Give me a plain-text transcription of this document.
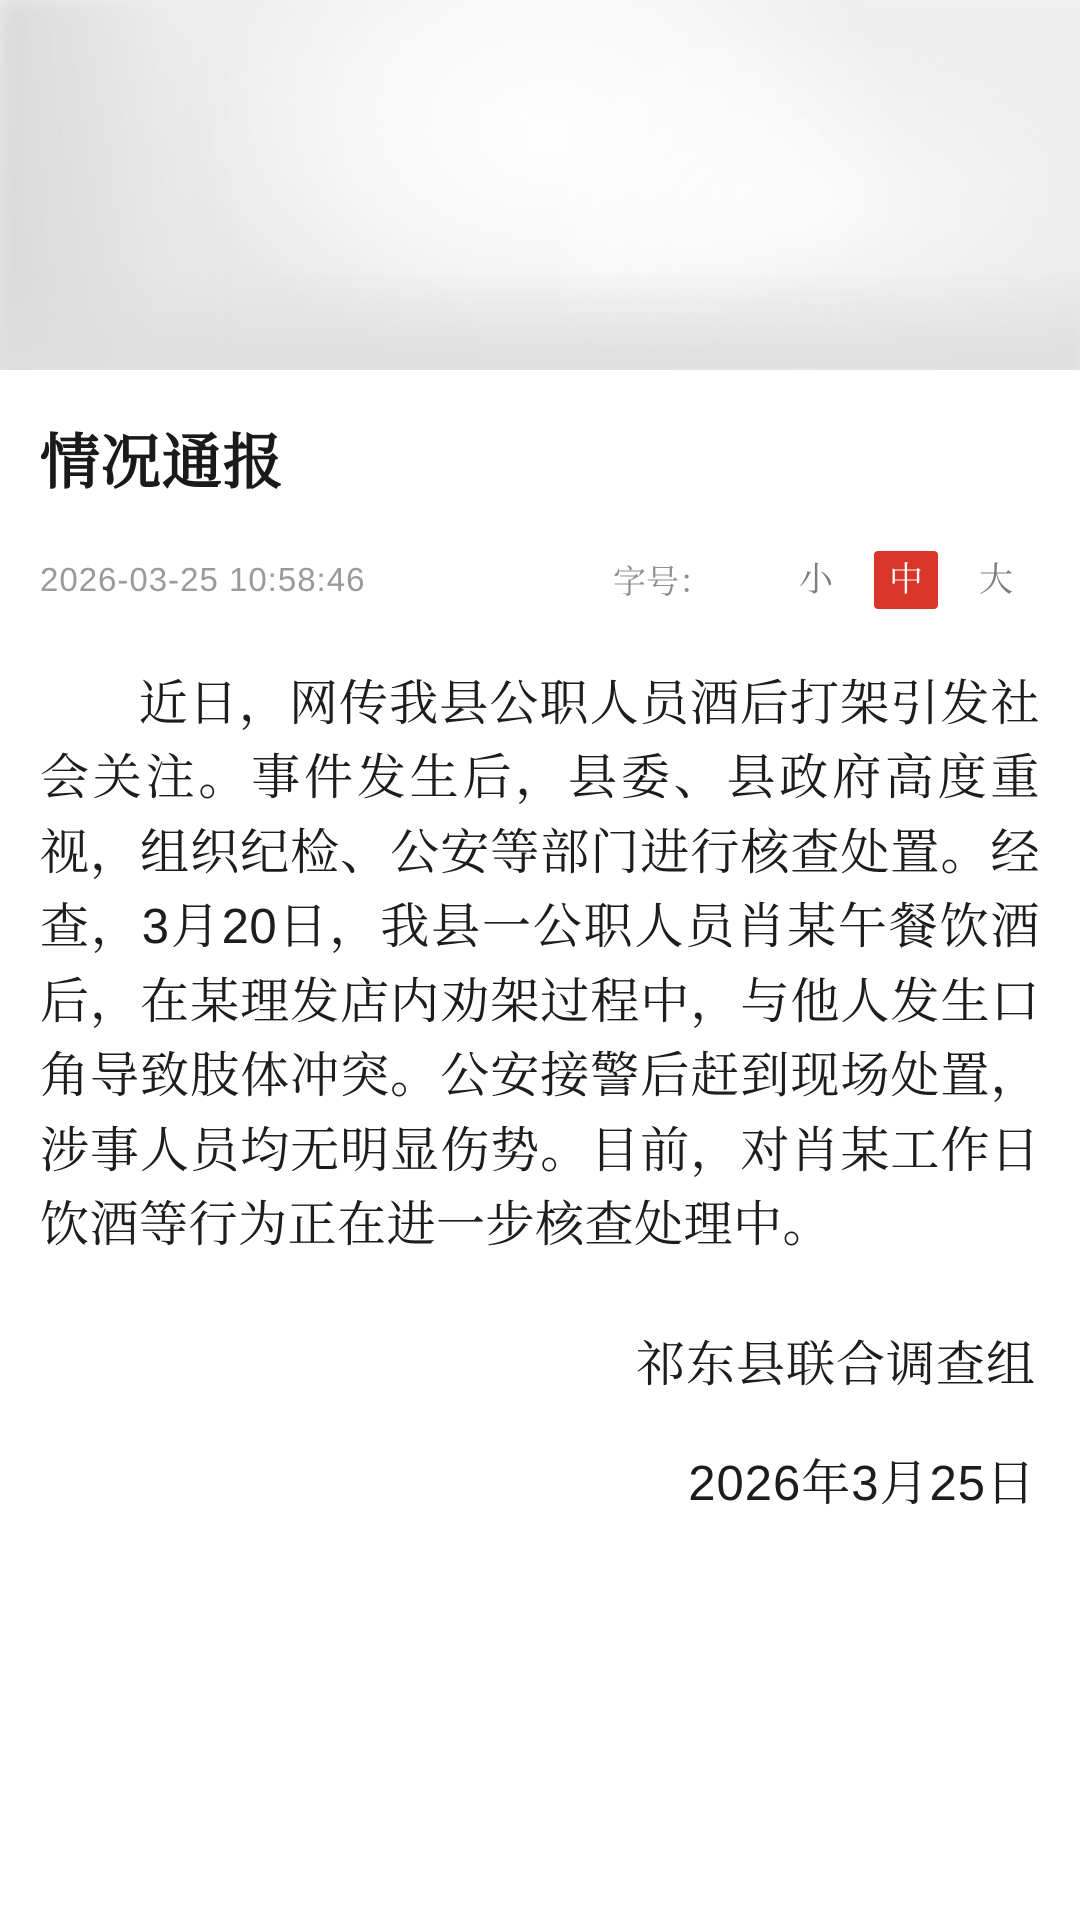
情况通报
2026-03-25 10:58:46	字号：	小	中	大

近日，网传我县公职人员酒后打架引发社会关注。事件发生后，县委、县政府高度重视，组织纪检、公安等部门进行核查处置。经查，3月20日，我县一公职人员肖某午餐饮酒后，在某理发店内劝架过程中，与他人发生口角导致肢体冲突。公安接警后赶到现场处置，涉事人员均无明显伤势。目前，对肖某工作日饮酒等行为正在进一步核查处理中。

祁东县联合调查组
2026年3月25日
